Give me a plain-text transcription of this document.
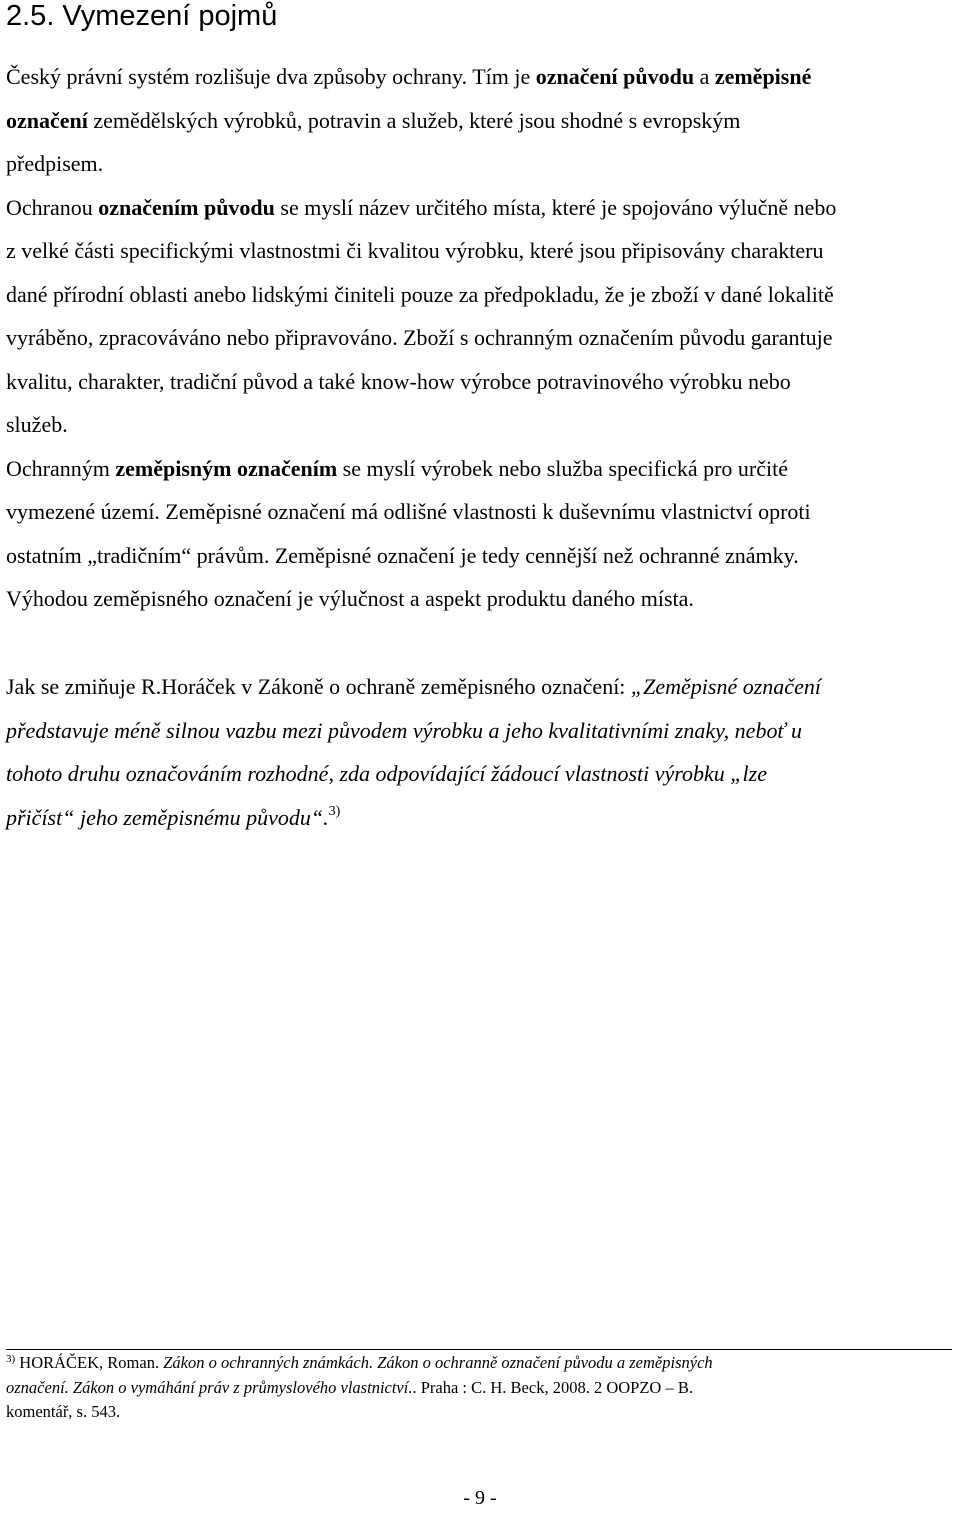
2.5. Vymezení pojmů

Český právní systém rozlišuje dva způsoby ochrany. Tím je označení původu a zeměpisné
označení zemědělských výrobků, potravin a služeb, které jsou shodné s evropským
předpisem.

Ochranou označením původu se myslí název určitého místa, které je spojováno výlučně nebo
z velké části specifickými vlastnostmi či kvalitou výrobku, které jsou připisovány charakteru
dané přírodní oblasti anebo lidskými činiteli pouze za předpokladu, že je zboží v dané lokalitě
vyráběno, zpracováváno nebo připravováno. Zboží s ochranným označením původu garantuje
kvalitu, charakter, tradiční původ a také know-how výrobce potravinového výrobku nebo
služeb.

Ochranným zeměpisným označením se myslí výrobek nebo služba specifická pro určité
vymezené území. Zeměpisné označení má odlišné vlastnosti k duševnímu vlastnictví oproti
ostatním „tradičním“ právům. Zeměpisné označení je tedy cennější než ochranné známky.
Výhodou zeměpisného označení je výlučnost a aspekt produktu daného místa.

Jak se zmiňuje R.Horáček v Zákoně o ochraně zeměpisného označení: „Zeměpisné označení
představuje méně silnou vazbu mezi původem výrobku a jeho kvalitativními znaky, neboť u
tohoto druhu označováním rozhodné, zda odpovídající žádoucí vlastnosti výrobku „lze
přičíst“ jeho zeměpisnému původu“.$^{3)}$
$^{3)}$ HORÁČEK, Roman. Zákon o ochranných známkách. Zákon o ochranně označení původu a zeměpisných
označení. Zákon o vymáhání práv z průmyslového vlastnictví.. Praha : C. H. Beck, 2008. 2 OOPZO – B.
komentář, s. 543.
- 9 -
